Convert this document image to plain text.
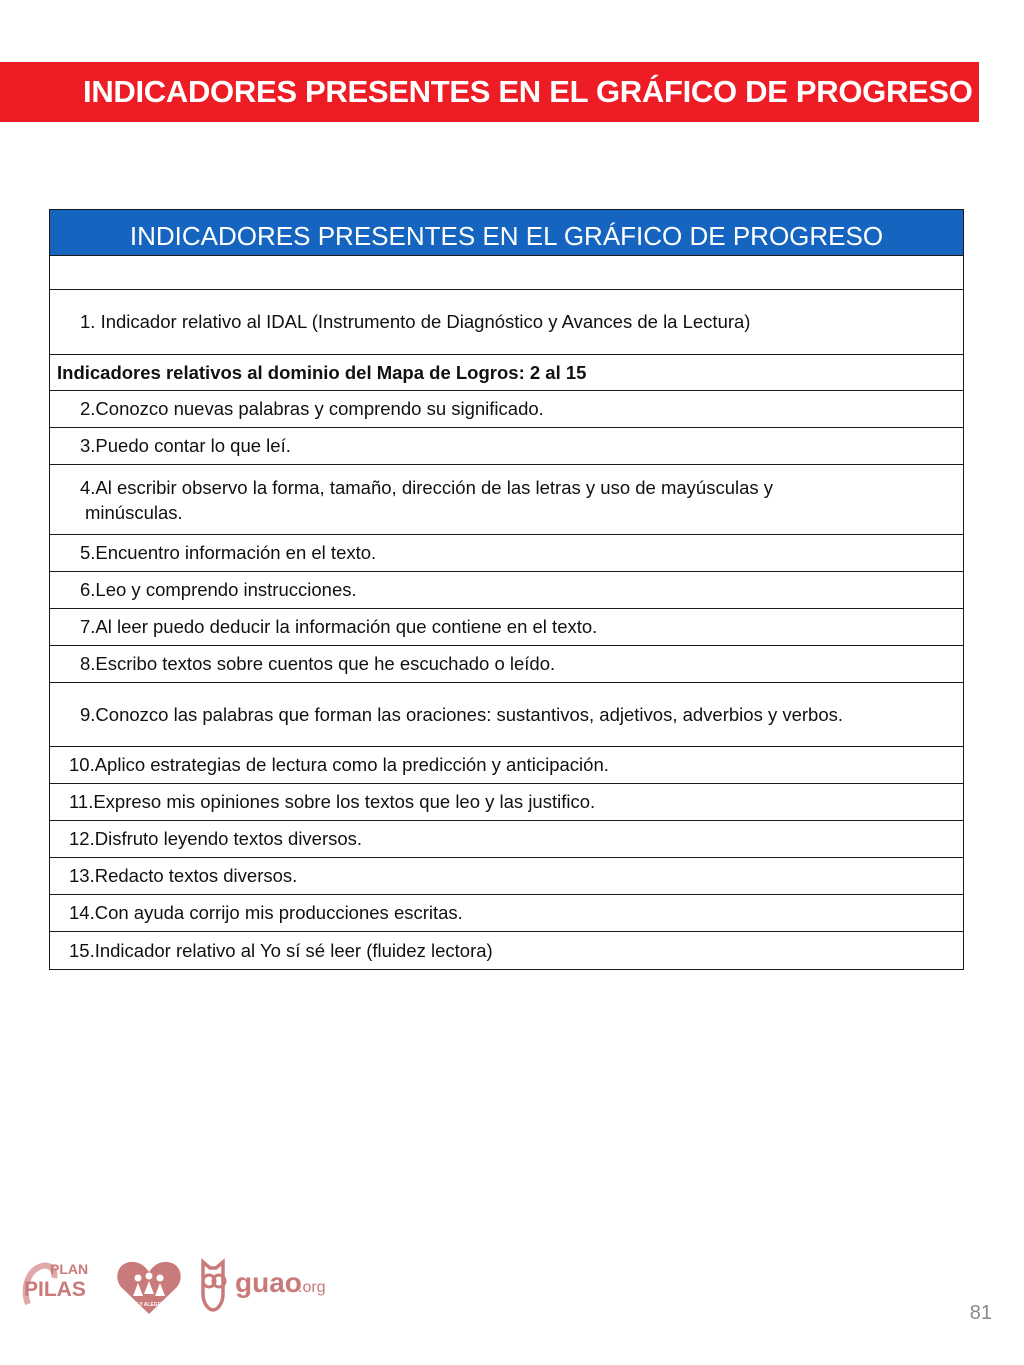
INDICADORES PRESENTES EN EL GRÁFICO DE PROGRESO
INDICADORES PRESENTES EN EL GRÁFICO DE PROGRESO
1. Indicador relativo al IDAL (Instrumento de Diagnóstico y Avances de la Lectura)
Indicadores relativos al dominio del Mapa de Logros: 2 al 15
2.Conozco nuevas palabras y comprendo su significado.
3.Puedo contar lo que leí.
4.Al escribir observo la forma, tamaño, dirección de las letras y uso de mayúsculas y
minúsculas.
5.Encuentro información en el texto.
6.Leo y comprendo instrucciones.
7.Al leer puedo deducir la información que contiene en el texto.
8.Escribo textos sobre cuentos que he escuchado o leído.
9.Conozco las palabras que forman las oraciones: sustantivos, adjetivos, adverbios y verbos.
10.Aplico estrategias de lectura como la predicción y anticipación.
11.Expreso mis opiniones sobre los textos que leo y las justifico.
12.Disfruto leyendo textos diversos.
13.Redacto textos diversos.
14.Con ayuda corrijo mis producciones escritas.
15.Indicador relativo al Yo sí sé leer (fluidez lectora)
PLAN
PILAS
FE Y ALEGRÍA
guao
.org
81
